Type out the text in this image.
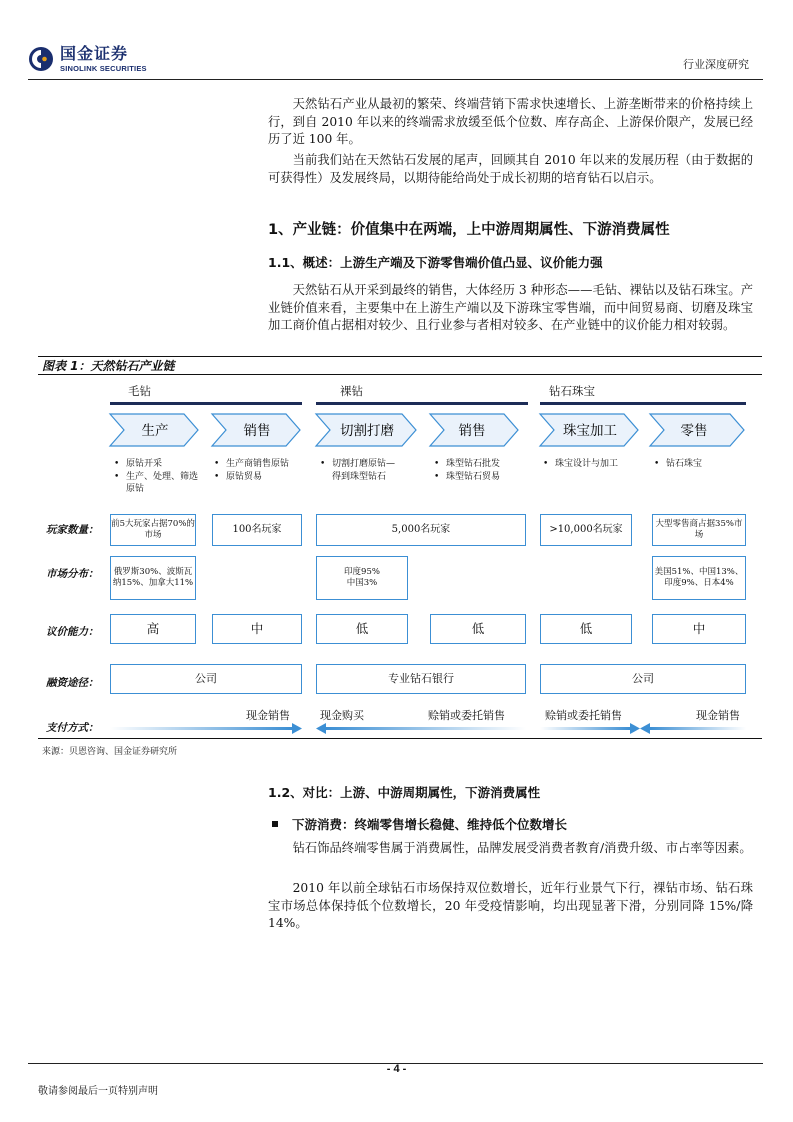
国金证券
SINOLINK SECURITIES	行业深度研究
天然钻石产业从最初的繁荣、终端营销下需求快速增长、上游垄断带来的价格持续上行，到自 2010 年以来的终端需求放缓至低个位数、库存高企、上游保价限产，发展已经历了近 100 年。
当前我们站在天然钻石发展的尾声，回顾其自 2010 年以来的发展历程（由于数据的可获得性）及发展终局，以期待能给尚处于成长初期的培育钻石以启示。
1、产业链：价值集中在两端，上中游周期属性、下游消费属性
1.1、概述：上游生产端及下游零售端价值凸显、议价能力强
天然钻石从开采到最终的销售，大体经历 3 种形态——毛钻、裸钻以及钻石珠宝。产业链价值来看，主要集中在上游生产端以及下游珠宝零售端，而中间贸易商、切磨及珠宝加工商价值占据相对较少、且行业参与者相对较多、在产业链中的议价能力相对较弱。
图表 1：天然钻石产业链
毛钻	裸钻	钻石珠宝
生产	销售	切割打磨	销售	珠宝加工	零售
• 原钻开采
• 生产、处理、筛选原钻
• 生产商销售原钻
• 原钻贸易
• 切割打磨原钻—得到珠型钻石
• 珠型钻石批发
• 珠型钻石贸易
• 珠宝设计与加工
•	钻石珠宝
玩家数量：
市场分布：
议价能力：
融资途径：
支付方式：
前5大玩家占据70%的市场
100名玩家	5,000名玩家	>10,000名玩家
大型零售商占据35%市场
俄罗斯30%、波斯瓦纳15%、加拿大11%
印度95%
中国3%
美国51%、中国13%、印度9%、日本4%
高	中	低	低	低	中
公司	专业钻石银行	公司
现金销售	现金购买	赊销或委托销售	赊销或委托销售	现金销售
来源：贝恩咨询、国金证券研究所
1.2、对比：上游、中游周期属性，下游消费属性
下游消费：终端零售增长稳健、维持低个位数增长
钻石饰品终端零售属于消费属性，品牌发展受消费者教育/消费升级、市占率等因素。
2010 年以前全球钻石市场保持双位数增长，近年行业景气下行，裸钻市场、钻石珠宝市场总体保持低个位数增长，20 年受疫情影响，均出现显著下滑，分别同降 15%/降 14%。
- 4 -
敬请参阅最后一页特别声明
